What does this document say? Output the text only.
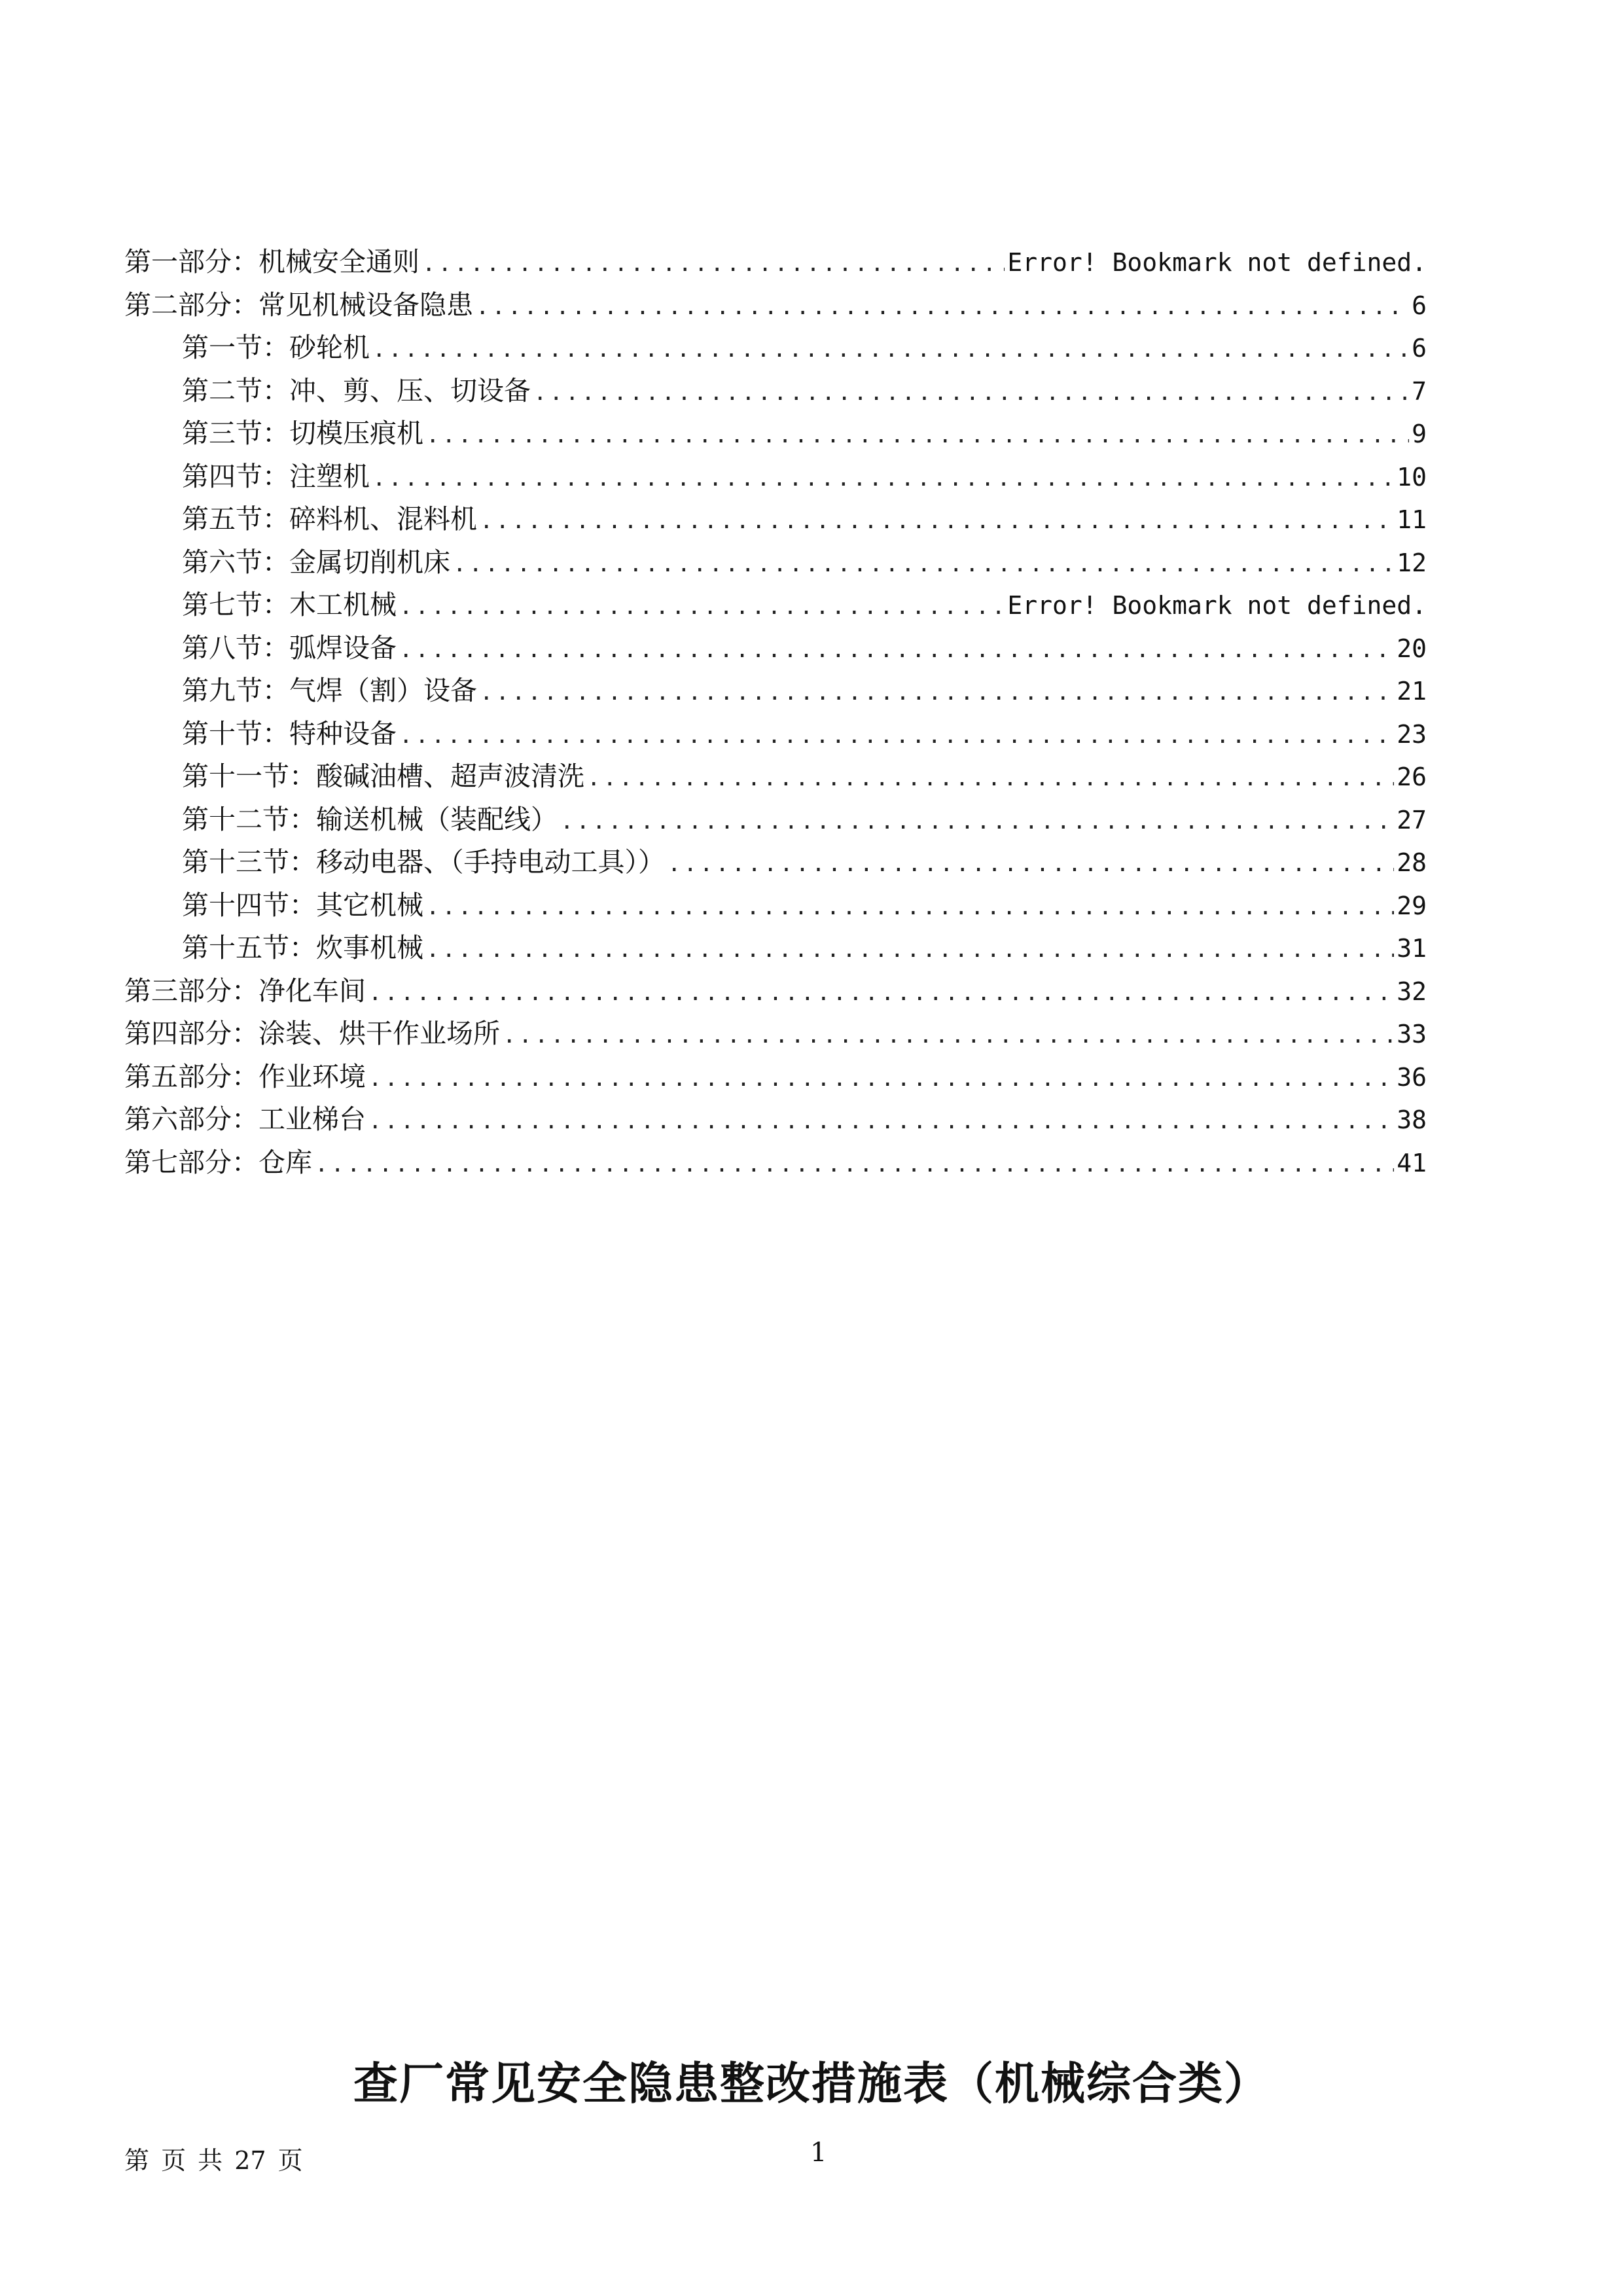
第一部分：机械安全通则 .....	Error! Bookmark not defined.
第二部分：常见机械设备隐患 .....	6
第一节：砂轮机 .....	6
第二节：冲、剪、压、切设备 .....	7
第三节：切模压痕机 .....	9
第四节：注塑机 .....	10
第五节：碎料机、混料机 .....	11
第六节：金属切削机床 .....	12
第七节：木工机械 .....	Error! Bookmark not defined.
第八节：弧焊设备 .....	20
第九节：气焊（割）设备 .....	21
第十节：特种设备 .....	23
第十一节：酸碱油槽、超声波清洗 .....	26
第十二节：输送机械（装配线） .....	27
第十三节：移动电器、（手持电动工具）） .....	28
第十四节：其它机械 .....	29
第十五节：炊事机械 .....	31
第三部分：净化车间 .....	32
第四部分：涂装、烘干作业场所 .....	33
第五部分：作业环境 .....	36
第六部分：工业梯台 .....	38
第七部分：仓库 .....	41
查厂常见安全隐患整改措施表（机械综合类）
第 页 共 27 页	1
